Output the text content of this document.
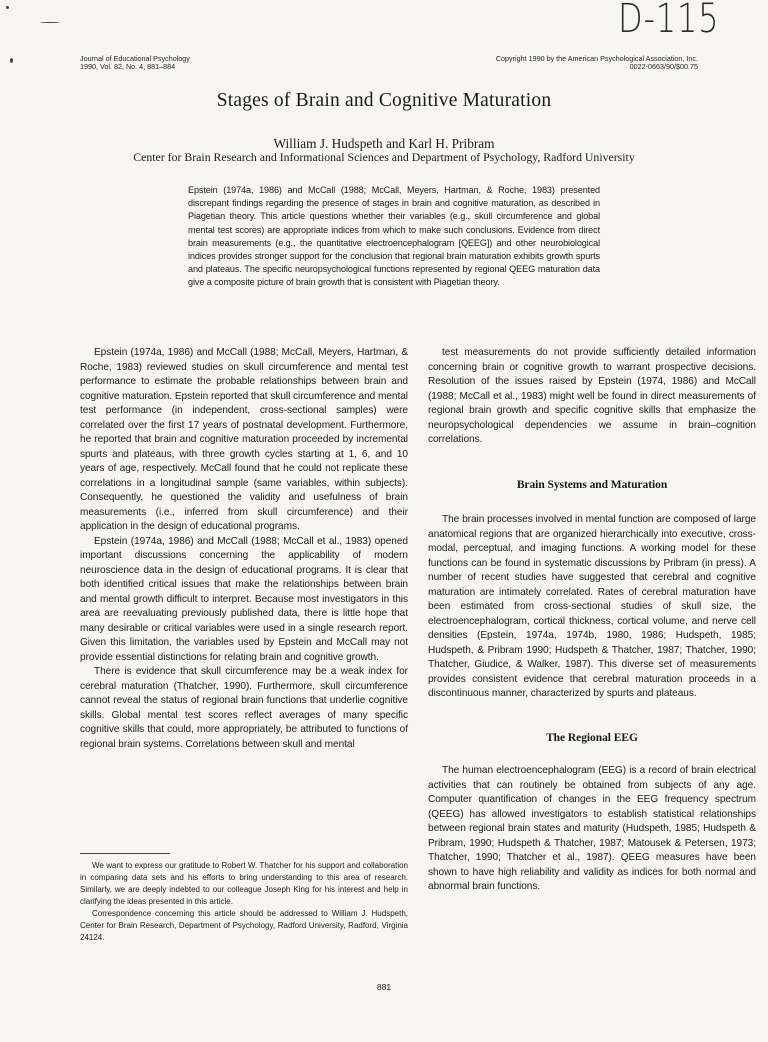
D-115
Journal of Educational Psychology
1990, Vol. 82, No. 4, 881–884
Copyright 1990 by the American Psychological Association, Inc.
0022-0663/90/$00.75
Stages of Brain and Cognitive Maturation
William J. Hudspeth and Karl H. Pribram
Center for Brain Research and Informational Sciences and Department of Psychology, Radford University
Epstein (1974a, 1986) and McCall (1988; McCall, Meyers, Hartman, & Roche, 1983) presented discrepant findings regarding the presence of stages in brain and cognitive maturation, as described in Piagetian theory. This article questions whether their variables (e.g., skull circumference and global mental test scores) are appropriate indices from which to make such conclusions. Evidence from direct brain measurements (e.g., the quantitative electroencephalogram [QEEG]) and other neurobiological indices provides stronger support for the conclusion that regional brain maturation exhibits growth spurts and plateaus. The specific neuropsychological functions represented by regional QEEG maturation data give a composite picture of brain growth that is consistent with Piagetian theory.

Epstein (1974a, 1986) and McCall (1988; McCall, Meyers, Hartman, & Roche, 1983) reviewed studies on skull circumference and mental test performance to estimate the probable relationships between brain and cognitive maturation. Epstein reported that skull circumference and mental test performance (in independent, cross-sectional samples) were correlated over the first 17 years of postnatal development. Furthermore, he reported that brain and cognitive maturation proceeded by incremental spurts and plateaus, with three growth cycles starting at 1, 6, and 10 years of age, respectively. McCall found that he could not replicate these correlations in a longitudinal sample (same variables, within subjects). Consequently, he questioned the validity and usefulness of brain measurements (i.e., inferred from skull circumference) and their application in the design of educational programs.

Epstein (1974a, 1986) and McCall (1988; McCall et al., 1983) opened important discussions concerning the applicability of modern neuroscience data in the design of educational programs. It is clear that both identified critical issues that make the relationships between brain and mental growth difficult to interpret. Because most investigators in this area are reevaluating previously published data, there is little hope that many desirable or critical variables were used in a single research report. Given this limitation, the variables used by Epstein and McCall may not provide essential distinctions for relating brain and cognitive growth.

There is evidence that skull circumference may be a weak index for cerebral maturation (Thatcher, 1990). Furthermore, skull circumference cannot reveal the status of regional brain functions that underlie cognitive skills. Global mental test scores reflect averages of many specific cognitive skills that could, more appropriately, be attributed to functions of regional brain systems. Correlations between skull and mental

We want to express our gratitude to Robert W. Thatcher for his support and collaboration in comparing data sets and his efforts to bring understanding to this area of research. Similarly, we are deeply indebted to our colleague Joseph King for his interest and help in clarifying the ideas presented in this article.

Correspondence concerning this article should be addressed to William J. Hudspeth, Center for Brain Research, Department of Psychology, Radford University, Radford, Virginia 24124.

test measurements do not provide sufficiently detailed information concerning brain or cognitive growth to warrant prospective decisions. Resolution of the issues raised by Epstein (1974, 1986) and McCall (1988; McCall et al., 1983) might well be found in direct measurements of regional brain growth and specific cognitive skills that emphasize the neuropsychological dependencies we assume in brain–cognition correlations.

Brain Systems and Maturation

The brain processes involved in mental function are composed of large anatomical regions that are organized hierarchically into executive, cross-modal, perceptual, and imaging functions. A working model for these functions can be found in systematic discussions by Pribram (in press). A number of recent studies have suggested that cerebral and cognitive maturation are intimately correlated. Rates of cerebral maturation have been estimated from cross-sectional studies of skull size, the electroencephalogram, cortical thickness, cortical volume, and nerve cell densities (Epstein, 1974a, 1974b, 1980, 1986; Hudspeth, 1985; Hudspeth, & Pribram 1990; Hudspeth & Thatcher, 1987; Thatcher, 1990; Thatcher, Giudice, & Walker, 1987). This diverse set of measurements provides consistent evidence that cerebral maturation proceeds in a discontinuous manner, characterized by spurts and plateaus.

The Regional EEG

The human electroencephalogram (EEG) is a record of brain electrical activities that can routinely be obtained from subjects of any age. Computer quantification of changes in the EEG frequency spectrum (QEEG) has allowed investigators to establish statistical relationships between regional brain states and maturity (Hudspeth, 1985; Hudspeth & Pribram, 1990; Hudspeth & Thatcher, 1987; Matousek & Petersen, 1973; Thatcher, 1990; Thatcher et al., 1987). QEEG measures have been shown to have high reliability and validity as indices for both normal and abnormal brain functions.

881
